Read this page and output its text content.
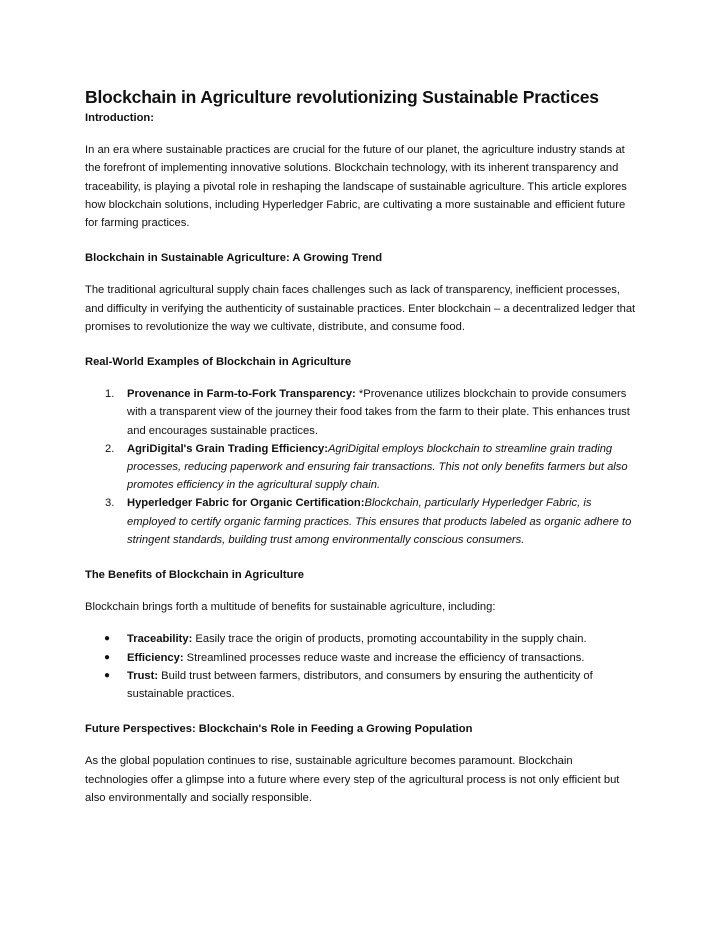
Blockchain in Agriculture revolutionizing Sustainable Practices
Introduction:

In an era where sustainable practices are crucial for the future of our planet, the agriculture industry stands at the forefront of implementing innovative solutions. Blockchain technology, with its inherent transparency and traceability, is playing a pivotal role in reshaping the landscape of sustainable agriculture. This article explores how blockchain solutions, including Hyperledger Fabric, are cultivating a more sustainable and efficient future for farming practices.

Blockchain in Sustainable Agriculture: A Growing Trend

The traditional agricultural supply chain faces challenges such as lack of transparency, inefficient processes, and difficulty in verifying the authenticity of sustainable practices. Enter blockchain – a decentralized ledger that promises to revolutionize the way we cultivate, distribute, and consume food.

Real-World Examples of Blockchain in Agriculture
1. Provenance in Farm-to-Fork Transparency: *Provenance utilizes blockchain to provide consumers with a transparent view of the journey their food takes from the farm to their plate. This enhances trust and encourages sustainable practices.
2. AgriDigital's Grain Trading Efficiency:AgriDigital employs blockchain to streamline grain trading processes, reducing paperwork and ensuring fair transactions. This not only benefits farmers but also promotes efficiency in the agricultural supply chain.
3. Hyperledger Fabric for Organic Certification:Blockchain, particularly Hyperledger Fabric, is employed to certify organic farming practices. This ensures that products labeled as organic adhere to stringent standards, building trust among environmentally conscious consumers.
The Benefits of Blockchain in Agriculture

Blockchain brings forth a multitude of benefits for sustainable agriculture, including:

● Traceability: Easily trace the origin of products, promoting accountability in the supply chain.
● Efficiency: Streamlined processes reduce waste and increase the efficiency of transactions.
● Trust: Build trust between farmers, distributors, and consumers by ensuring the authenticity of sustainable practices.
Future Perspectives: Blockchain's Role in Feeding a Growing Population

As the global population continues to rise, sustainable agriculture becomes paramount. Blockchain technologies offer a glimpse into a future where every step of the agricultural process is not only efficient but also environmentally and socially responsible.
